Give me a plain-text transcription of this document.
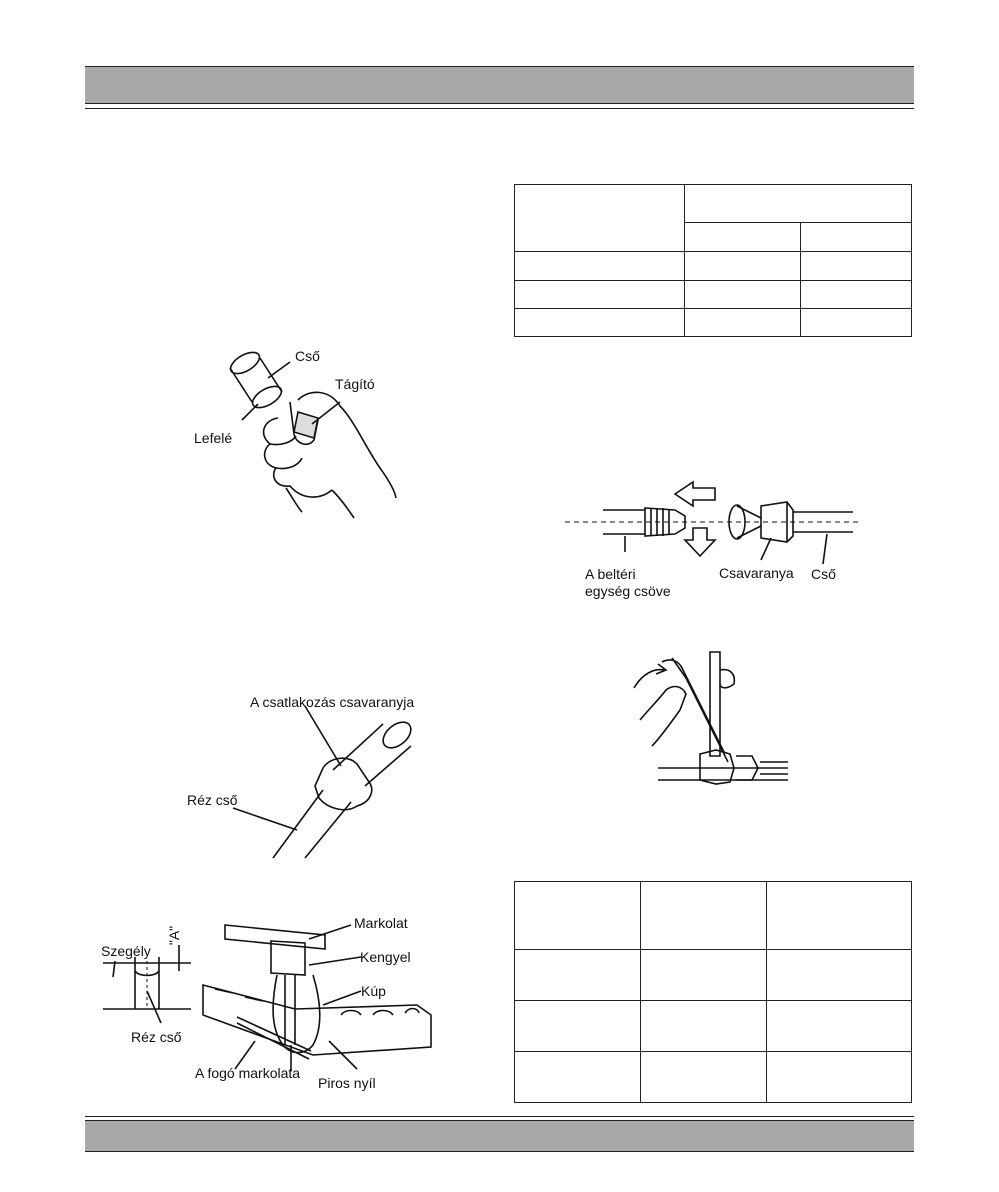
Cső
Tágító
Lefelé
A beltéri
egység csöve
Csavaranya Cső
A csatlakozás csavaranyja
Réz cső
Szegély
"A"
Réz cső
Markolat
Kengyel
Kúp
A fogó markolata
Piros nyíl
